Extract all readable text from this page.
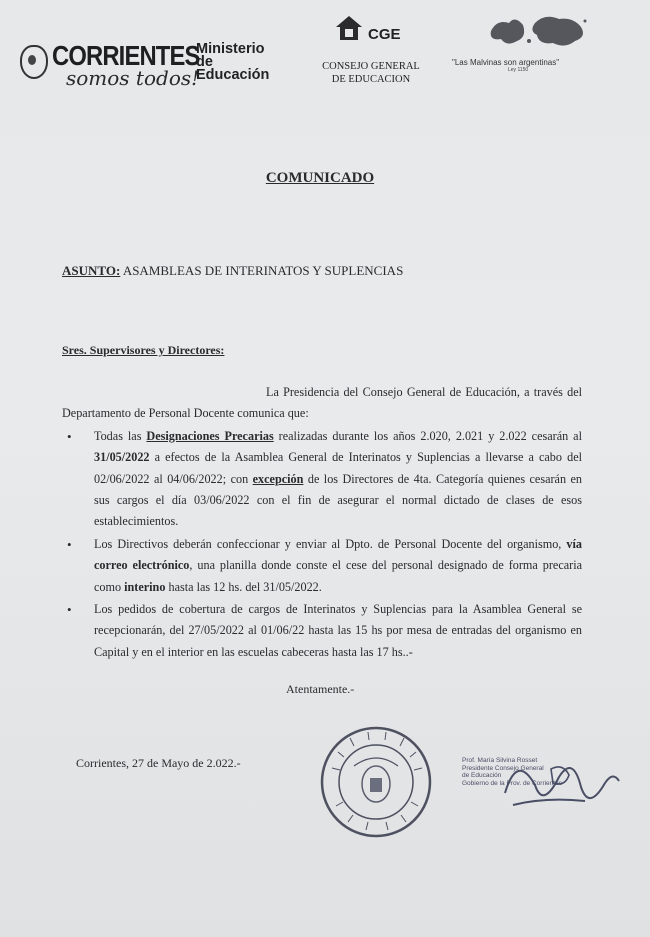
CORRIENTES
somos todos!
Ministerio
de
Educación
CGE
CONSEJO GENERAL
DE EDUCACION
"Las Malvinas son argentinas"
Ley 1150
COMUNICADO
ASUNTO: ASAMBLEAS DE INTERINATOS Y SUPLENCIAS
Sres. Supervisores y Directores:

La Presidencia del Consejo General de Educación, a través del Departamento de Personal Docente comunica que:

• Todas las Designaciones Precarias realizadas durante los años 2.020, 2.021 y 2.022 cesarán al 31/05/2022 a efectos de la Asamblea General de Interinatos y Suplencias a llevarse a cabo del 02/06/2022 al 04/06/2022; con excepción de los Directores de 4ta. Categoría quienes cesarán en sus cargos el día 03/06/2022 con el fin de asegurar el normal dictado de clases de esos establecimientos.
• Los Directivos deberán confeccionar y enviar al Dpto. de Personal Docente del organismo, vía correo electrónico, una planilla donde conste el cese del personal designado de forma precaria como interino hasta las 12 hs. del 31/05/2022.
• Los pedidos de cobertura de cargos de Interinatos y Suplencias para la Asamblea General se recepcionarán, del 27/05/2022 al 01/06/22 hasta las 15 hs por mesa de entradas del organismo en Capital y en el interior en las escuelas cabeceras hasta las 17 hs..-
Atentamente.-
Corrientes, 27 de Mayo de 2.022.-	Prof. María Silvina Rosset
Presidente Consejo General
de Educación
Gobierno de la Prov. de Corrientes
